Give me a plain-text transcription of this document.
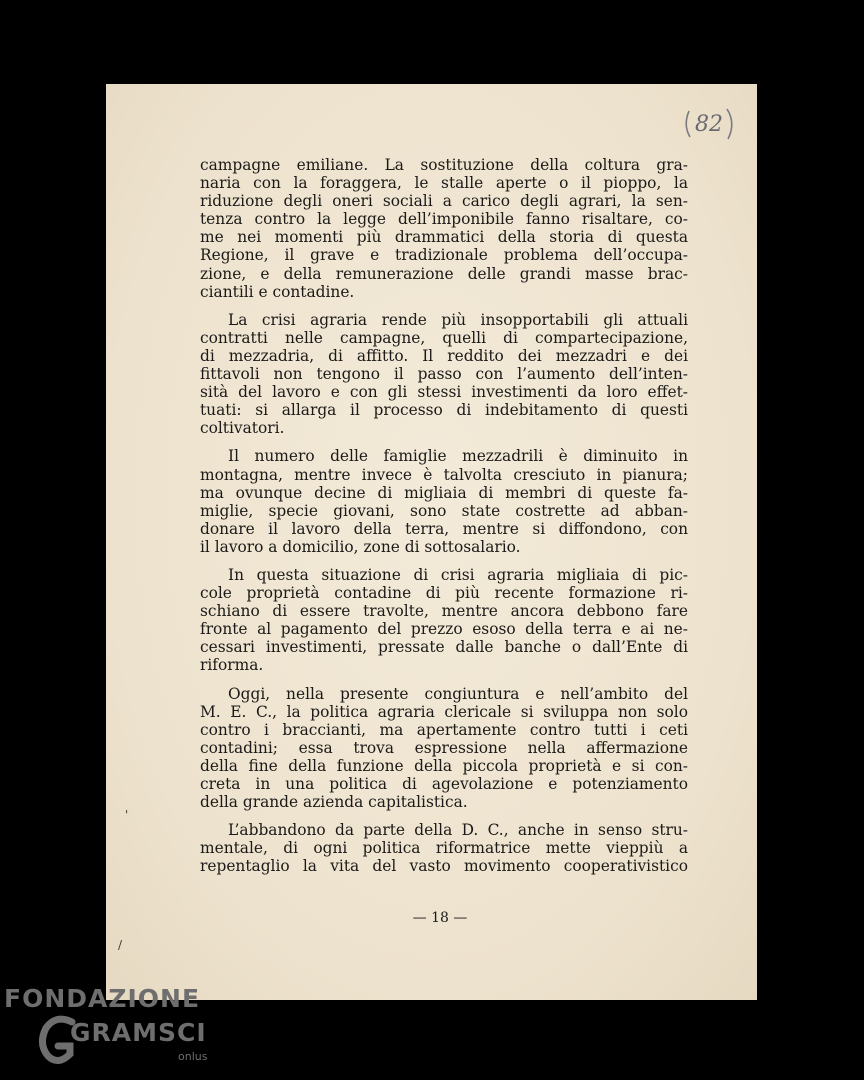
82
campagne emiliane. La sostituzione della coltura gra-
naria con la foraggera, le stalle aperte o il pioppo, la
riduzione degli oneri sociali a carico degli agrari, la sen-
tenza contro la legge dell’imponibile fanno risaltare, co-
me nei momenti più drammatici della storia di questa
Regione, il grave e tradizionale problema dell’occupa-
zione, e della remunerazione delle grandi masse brac-
ciantili e contadine.
La crisi agraria rende più insopportabili gli attuali
contratti nelle campagne, quelli di compartecipazione,
di mezzadria, di affitto. Il reddito dei mezzadri e dei
fittavoli non tengono il passo con l’aumento dell’inten-
sità del lavoro e con gli stessi investimenti da loro effet-
tuati: si allarga il processo di indebitamento di questi
coltivatori.
Il numero delle famiglie mezzadrili è diminuito in
montagna, mentre invece è talvolta cresciuto in pianura;
ma ovunque decine di migliaia di membri di queste fa-
miglie, specie giovani, sono state costrette ad abban-
donare il lavoro della terra, mentre si diffondono, con
il lavoro a domicilio, zone di sottosalario.
In questa situazione di crisi agraria migliaia di pic-
cole proprietà contadine di più recente formazione ri-
schiano di essere travolte, mentre ancora debbono fare
fronte al pagamento del prezzo esoso della terra e ai ne-
cessari investimenti, pressate dalle banche o dall’Ente di
riforma.
Oggi, nella presente congiuntura e nell’ambito del
M. E. C., la politica agraria clericale si sviluppa non solo
contro i braccianti, ma apertamente contro tutti i ceti
contadini; essa trova espressione nella affermazione
della fine della funzione della piccola proprietà e si con-
creta in una politica di agevolazione e potenziamento
della grande azienda capitalistica.
L’abbandono da parte della D. C., anche in senso stru-
mentale, di ogni politica riformatrice mette vieppiù a
repentaglio la vita del vasto movimento cooperativistico
— 18 —
'
/
FONDAZIONE
GRAMSCI
onlus
